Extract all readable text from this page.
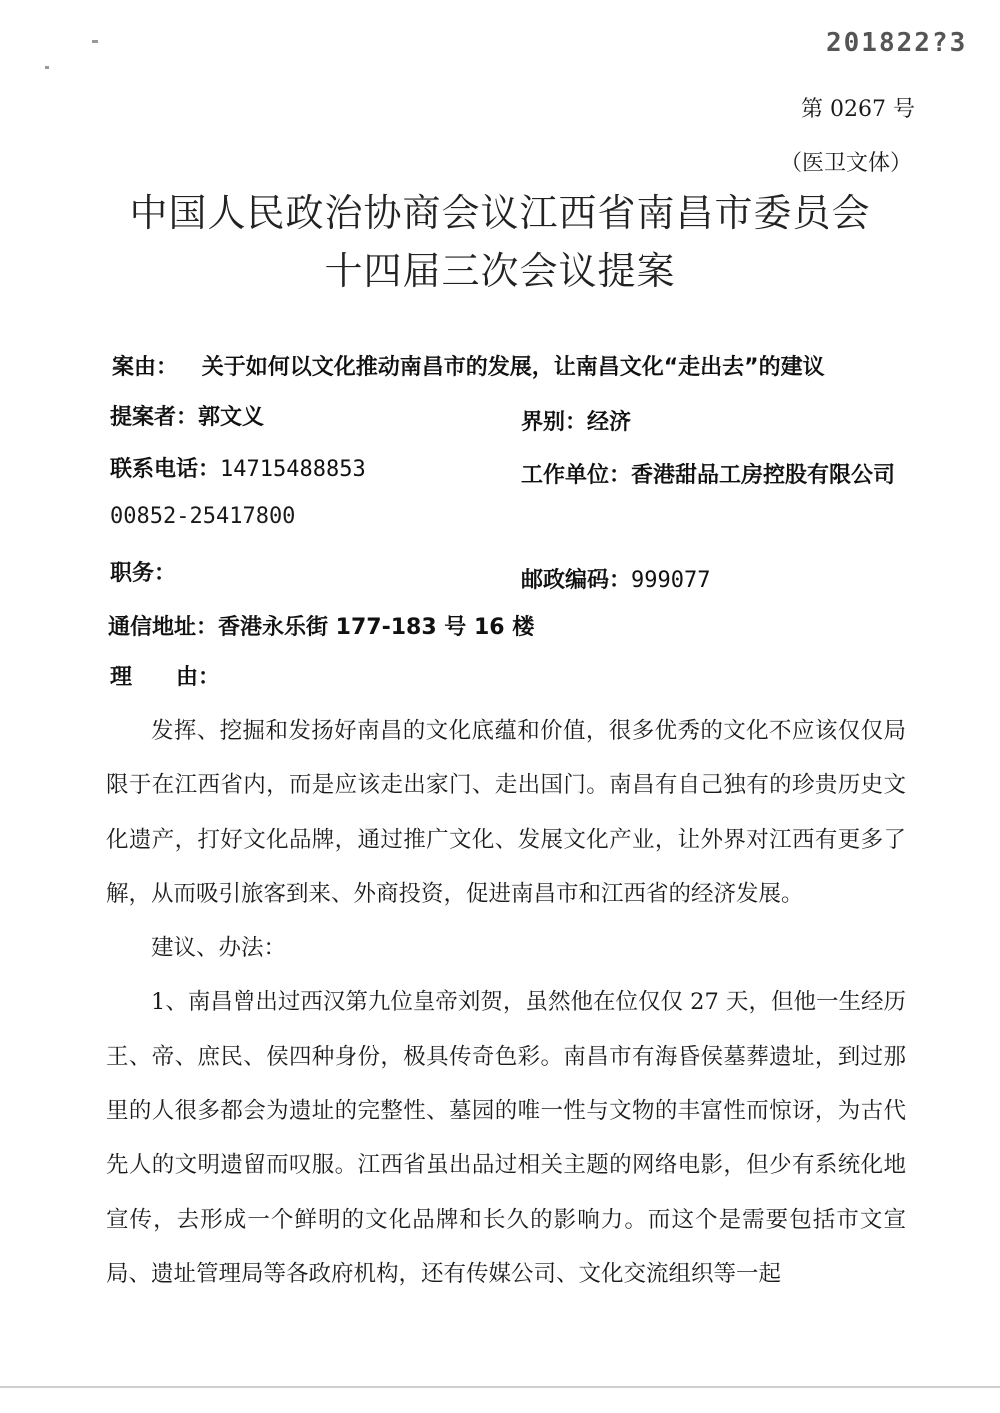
201822?3
第 0267 号
（医卫文体）
中国人民政治协商会议江西省南昌市委员会
十四届三次会议提案
案由： 关于如何以文化推动南昌市的发展，让南昌文化“走出去”的建议
提案者：郭文义	界别：经济
联系电话：14715488853	工作单位：香港甜品工房控股有限公司
00852-25417800
职务：	邮政编码：999077
通信地址：香港永乐街 177-183 号 16 楼
理　　由：

发挥、挖掘和发扬好南昌的文化底蕴和价值，很多优秀的文化不应该仅仅局限于在江西省内，而是应该走出家门、走出国门。南昌有自己独有的珍贵历史文化遗产，打好文化品牌，通过推广文化、发展文化产业，让外界对江西有更多了解，从而吸引旅客到来、外商投资，促进南昌市和江西省的经济发展。

建议、办法：

1、南昌曾出过西汉第九位皇帝刘贺，虽然他在位仅仅 27 天，但他一生经历王、帝、庶民、侯四种身份，极具传奇色彩。南昌市有海昏侯墓葬遗址，到过那里的人很多都会为遗址的完整性、墓园的唯一性与文物的丰富性而惊讶，为古代先人的文明遗留而叹服。江西省虽出品过相关主题的网络电影，但少有系统化地宣传，去形成一个鲜明的文化品牌和长久的影响力。而这个是需要包括市文宣局、遗址管理局等各政府机构，还有传媒公司、文化交流组织等一起
